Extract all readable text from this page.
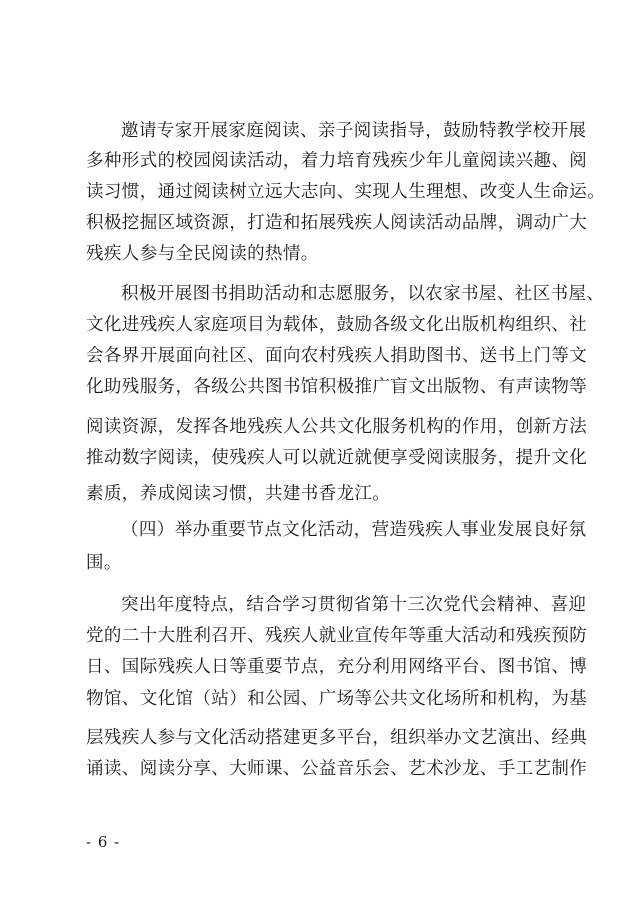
邀请专家开展家庭阅读、亲子阅读指导，鼓励特教学校开展
多种形式的校园阅读活动，着力培育残疾少年儿童阅读兴趣、阅
读习惯，通过阅读树立远大志向、实现人生理想、改变人生命运。
积极挖掘区域资源，打造和拓展残疾人阅读活动品牌，调动广大
残疾人参与全民阅读的热情。
积极开展图书捐助活动和志愿服务，以农家书屋、社区书屋、
文化进残疾人家庭项目为载体，鼓励各级文化出版机构组织、社
会各界开展面向社区、面向农村残疾人捐助图书、送书上门等文
化助残服务，各级公共图书馆积极推广盲文出版物、有声读物等
阅读资源，发挥各地残疾人公共文化服务机构的作用，创新方法
推动数字阅读，使残疾人可以就近就便享受阅读服务，提升文化
素质，养成阅读习惯，共建书香龙江。
（四）举办重要节点文化活动，营造残疾人事业发展良好氛
围。
突出年度特点，结合学习贯彻省第十三次党代会精神、喜迎
党的二十大胜利召开、残疾人就业宣传年等重大活动和残疾预防
日、国际残疾人日等重要节点，充分利用网络平台、图书馆、博
物馆、文化馆（站）和公园、广场等公共文化场所和机构，为基
层残疾人参与文化活动搭建更多平台，组织举办文艺演出、经典
诵读、阅读分享、大师课、公益音乐会、艺术沙龙、手工艺制作
- 6 -
